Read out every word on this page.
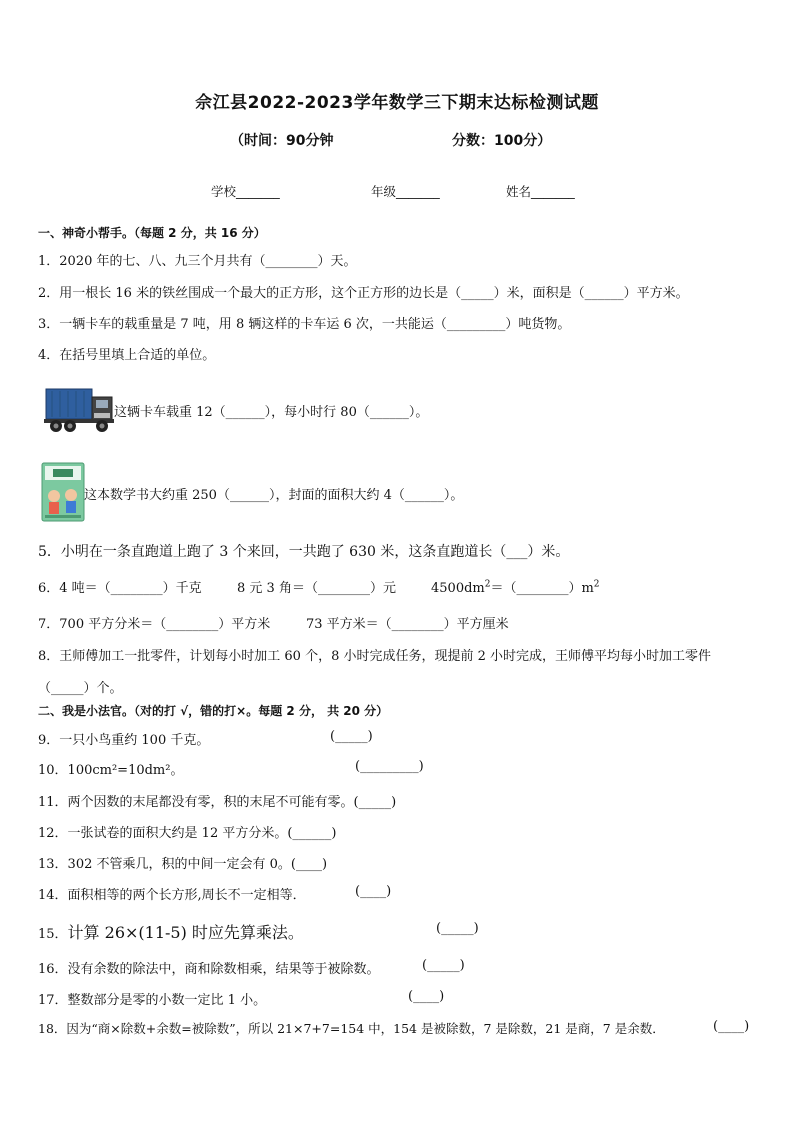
佘江县2022-2023学年数学三下期末达标检测试题
（时间：90分钟	分数：100分）
学校_______	年级_______	姓名_______
一、神奇小帮手。（每题 2 分，共 16 分）
1．2020 年的七、八、九三个月共有（________）天。
2．用一根长 16 米的铁丝围成一个最大的正方形，这个正方形的边长是（_____）米，面积是（______）平方米。
3．一辆卡车的载重量是 7 吨，用 8 辆这样的卡车运 6 次，一共能运（_________）吨货物。
4．在括号里填上合适的单位。
这辆卡车载重 12（______），每小时行 80（______）。
这本数学书大约重 250（______），封面的面积大约 4（______）。
5．小明在一条直跑道上跑了 3 个来回，一共跑了 630 米，这条直跑道长（___）米。
6．4 吨＝（________）千克	8 元 3 角＝（________）元	$4500dm^2=(\_\_\_\_\_\_\_\_)m^2$
7．700 平方分米＝（________）平方米	73 平方米＝（________）平方厘米
8．王师傅加工一批零件，计划每小时加工 60 个，8 小时完成任务，现提前 2 小时完成，王师傅平均每小时加工零件
（_____）个。
二、我是小法官。（对的打 √，错的打×。每题 2 分， 共 20 分）
9．一只小鸟重约 100 千克。	(_____)
10．100cm²=10dm²。	(_________)
11．两个因数的末尾都没有零，积的末尾不可能有零。(_____)
12．一张试卷的面积大约是 12 平方分米。(______)
13．302 不管乘几，积的中间一定会有 0。(____)
14．面积相等的两个长方形,周长不一定相等．	(____)
15．计算 26×(11-5) 时应先算乘法。	(_____)
16．没有余数的除法中，商和除数相乘，结果等于被除数。	(_____)
17．整数部分是零的小数一定比 1 小。	(____)
18．因为“商×除数+余数=被除数”，所以 21×7+7=154 中，154 是被除数，7 是除数，21 是商，7 是余数．	(____)
